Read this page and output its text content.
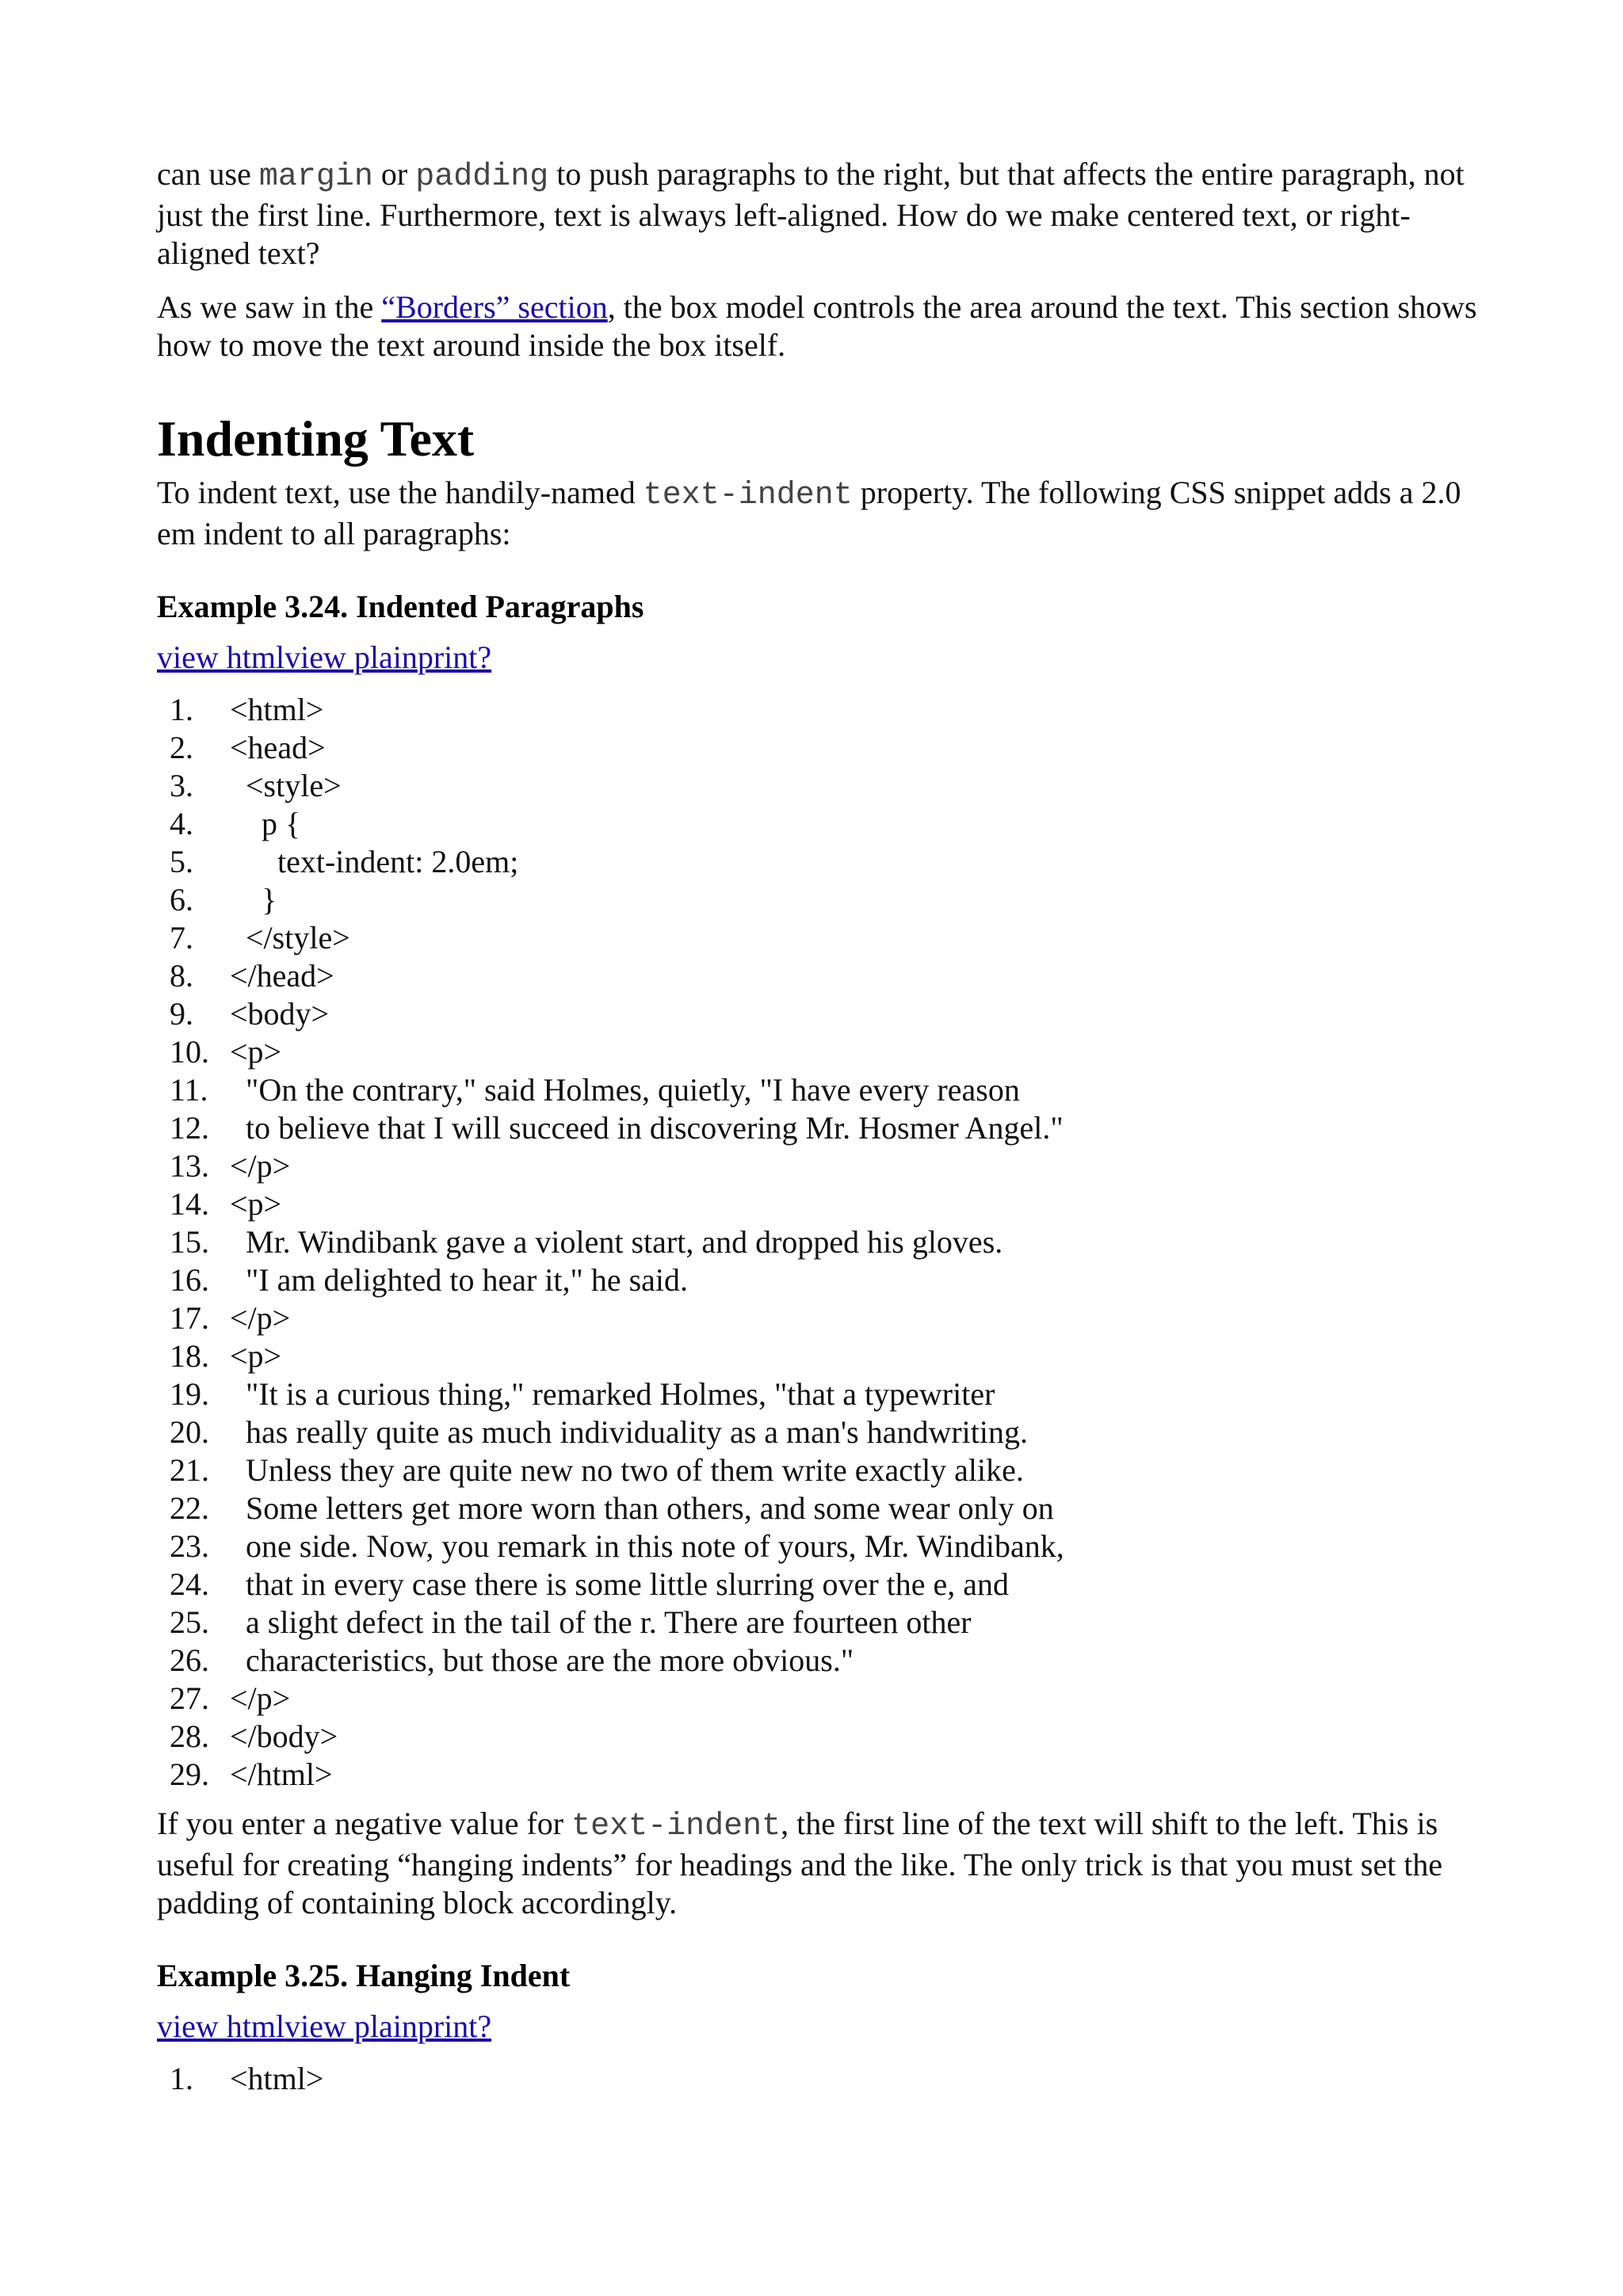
can use margin or padding to push paragraphs to the right, but that affects the entire paragraph, not just the first line. Furthermore, text is always left-aligned. How do we make centered text, or right-aligned text?

As we saw in the “Borders” section, the box model controls the area around the text. This section shows how to move the text around inside the box itself.

Indenting Text

To indent text, use the handily-named text-indent property. The following CSS snippet adds a 2.0 em indent to all paragraphs:

Example 3.24. Indented Paragraphs
view htmlview plainprint?
1.	<html>
2.	<head>
3.	<style>
4.	p {
5.	text-indent: 2.0em;
6.	}
7.	</style>
8.	</head>
9.	<body>
10. <p>
11. "On the contrary," said Holmes, quietly, "I have every reason
12. to believe that I will succeed in discovering Mr. Hosmer Angel."
13. </p>
14. <p>
15. Mr. Windibank gave a violent start, and dropped his gloves.
16. "I am delighted to hear it," he said.
17. </p>
18. <p>
19. "It is a curious thing," remarked Holmes, "that a typewriter
20. has really quite as much individuality as a man's handwriting.
21. Unless they are quite new no two of them write exactly alike.
22. Some letters get more worn than others, and some wear only on
23. one side. Now, you remark in this note of yours, Mr. Windibank,
24. that in every case there is some little slurring over the e, and
25. a slight defect in the tail of the r. There are fourteen other
26. characteristics, but those are the more obvious."
27. </p>
28. </body>
29. </html>

If you enter a negative value for text-indent, the first line of the text will shift to the left. This is useful for creating “hanging indents” for headings and the like. The only trick is that you must set the padding of containing block accordingly.

Example 3.25. Hanging Indent
view htmlview plainprint?
1.	<html>
